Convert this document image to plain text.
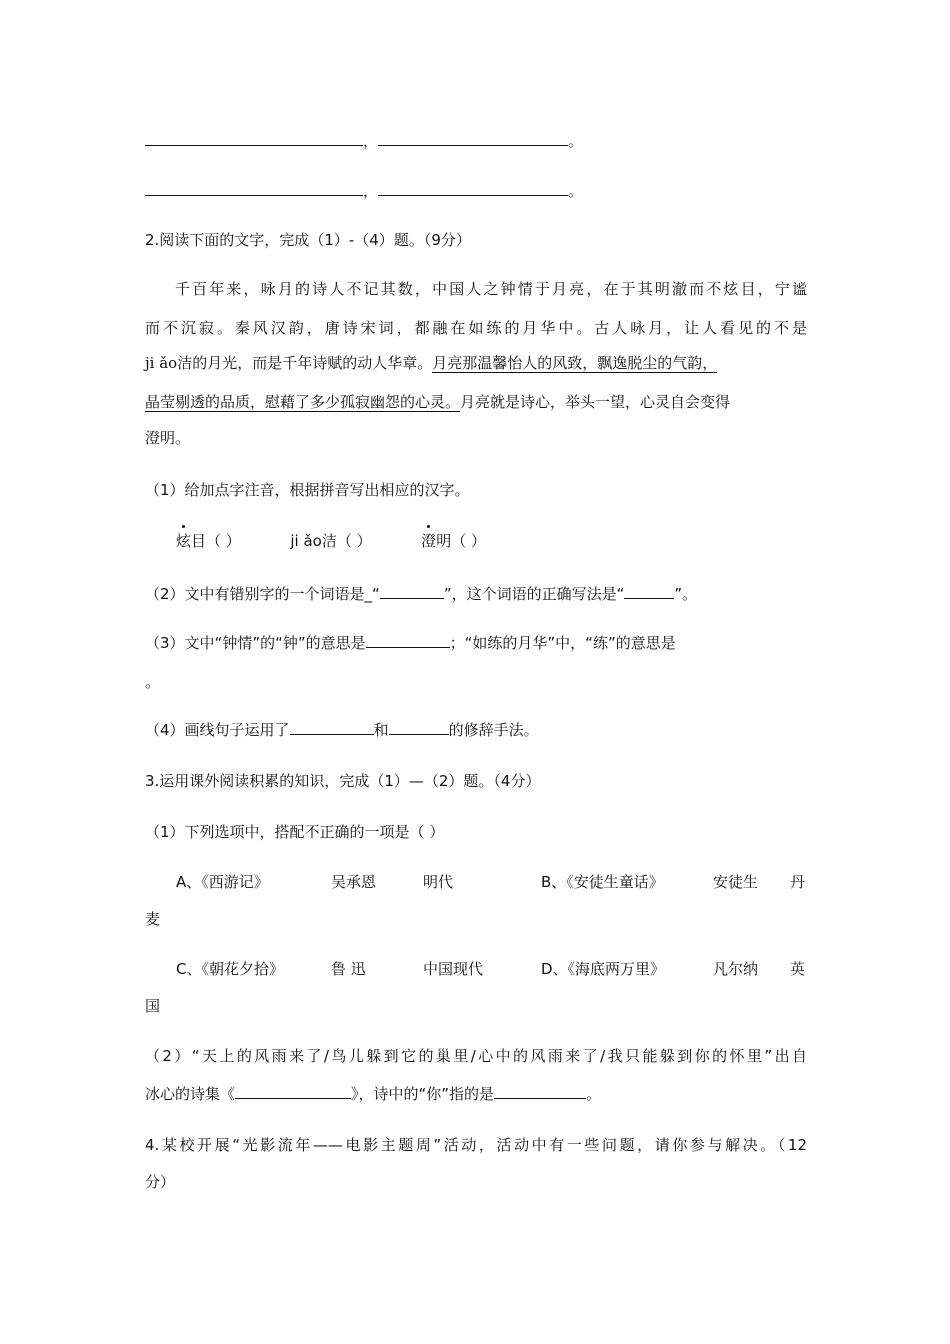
，	。
，	。
2.阅读下面的文字，完成（1）-（4）题。（9分）
千百年来，咏月的诗人不记其数，中国人之钟情于月亮，在于其明澈而不炫目，宁谧
而不沉寂。秦风汉韵，唐诗宋词，都融在如练的月华中。古人咏月，让人看见的不是
ji ǎo洁的月光，而是千年诗赋的动人华章。月亮那温馨怡人的风致，飘逸脱尘的气韵，
晶莹剔透的品质，慰藉了多少孤寂幽怨的心灵。月亮就是诗心，举头一望，心灵自会变得
澄明。
（1）给加点字注音，根据拼音写出相应的汉字。
炫目（ ）	ji ǎo洁（ ）	澄明（ ）
（2）文中有错别字的一个词语是_“	”，这个词语的正确写法是“	”。
（3）文中“钟情”的“钟”的意思是	；“如练的月华”中，“练”的意思是
。
（4）画线句子运用了	和	的修辞手法。
3.运用课外阅读积累的知识，完成（1）—（2）题。（4分）
（1）下列选项中，搭配不正确的一项是（ ）
A、《西游记》	吴承恩	明代	B、《安徒生童话》	安徒生 丹
麦
C、《朝花夕拾》	鲁 迅	中国现代	D、《海底两万里》	凡尔纳 英
国
（2）“天上的风雨来了/鸟儿躲到它的巢里/心中的风雨来了/我只能躲到你的怀里”出自
冰心的诗集《	》，诗中的“你”指的是	。
4.某校开展“光影流年——电影主题周”活动，活动中有一些问题，请你参与解决。（12
分）
